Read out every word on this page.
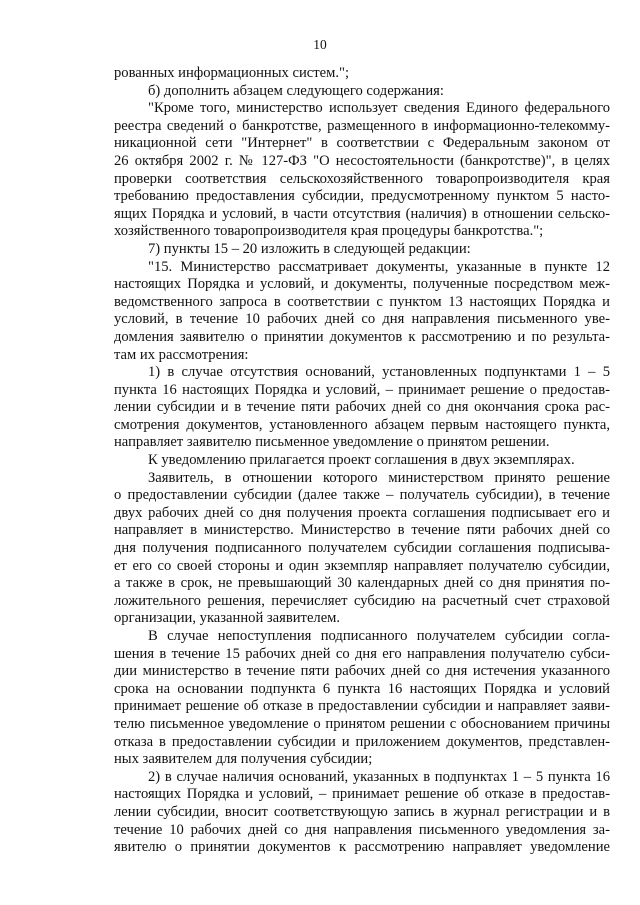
10
рованных информационных систем.";
б) дополнить абзацем следующего содержания:
"Кроме того, министерство использует сведения Единого федерального
реестра сведений о банкротстве, размещенного в информационно-телекомму-
никационной сети "Интернет" в соответствии с Федеральным законом от
26 октября 2002 г. № 127-ФЗ "О несостоятельности (банкротстве)", в целях
проверки соответствия сельскохозяйственного товаропроизводителя края
требованию предоставления субсидии, предусмотренному пунктом 5 насто-
ящих Порядка и условий, в части отсутствия (наличия) в отношении сельско-
хозяйственного товаропроизводителя края процедуры банкротства.";
7) пункты 15 – 20 изложить в следующей редакции:
"15. Министерство рассматривает документы, указанные в пункте 12
настоящих Порядка и условий, и документы, полученные посредством меж-
ведомственного запроса в соответствии с пунктом 13 настоящих Порядка и
условий, в течение 10 рабочих дней со дня направления письменного уве-
домления заявителю о принятии документов к рассмотрению и по результа-
там их рассмотрения:
1) в случае отсутствия оснований, установленных подпунктами 1 – 5
пункта 16 настоящих Порядка и условий, – принимает решение о предостав-
лении субсидии и в течение пяти рабочих дней со дня окончания срока рас-
смотрения документов, установленного абзацем первым настоящего пункта,
направляет заявителю письменное уведомление о принятом решении.
К уведомлению прилагается проект соглашения в двух экземплярах.
Заявитель, в отношении которого министерством принято решение
о предоставлении субсидии (далее также – получатель субсидии), в течение
двух рабочих дней со дня получения проекта соглашения подписывает его и
направляет в министерство. Министерство в течение пяти рабочих дней со
дня получения подписанного получателем субсидии соглашения подписыва-
ет его со своей стороны и один экземпляр направляет получателю субсидии,
а также в срок, не превышающий 30 календарных дней со дня принятия по-
ложительного решения, перечисляет субсидию на расчетный счет страховой
организации, указанной заявителем.
В случае непоступления подписанного получателем субсидии согла-
шения в течение 15 рабочих дней со дня его направления получателю субси-
дии министерство в течение пяти рабочих дней со дня истечения указанного
срока на основании подпункта 6 пункта 16 настоящих Порядка и условий
принимает решение об отказе в предоставлении субсидии и направляет заяви-
телю письменное уведомление о принятом решении с обоснованием причины
отказа в предоставлении субсидии и приложением документов, представлен-
ных заявителем для получения субсидии;
2) в случае наличия оснований, указанных в подпунктах 1 – 5 пункта 16
настоящих Порядка и условий, – принимает решение об отказе в предостав-
лении субсидии, вносит соответствующую запись в журнал регистрации и в
течение 10 рабочих дней со дня направления письменного уведомления за-
явителю о принятии документов к рассмотрению направляет уведомление
